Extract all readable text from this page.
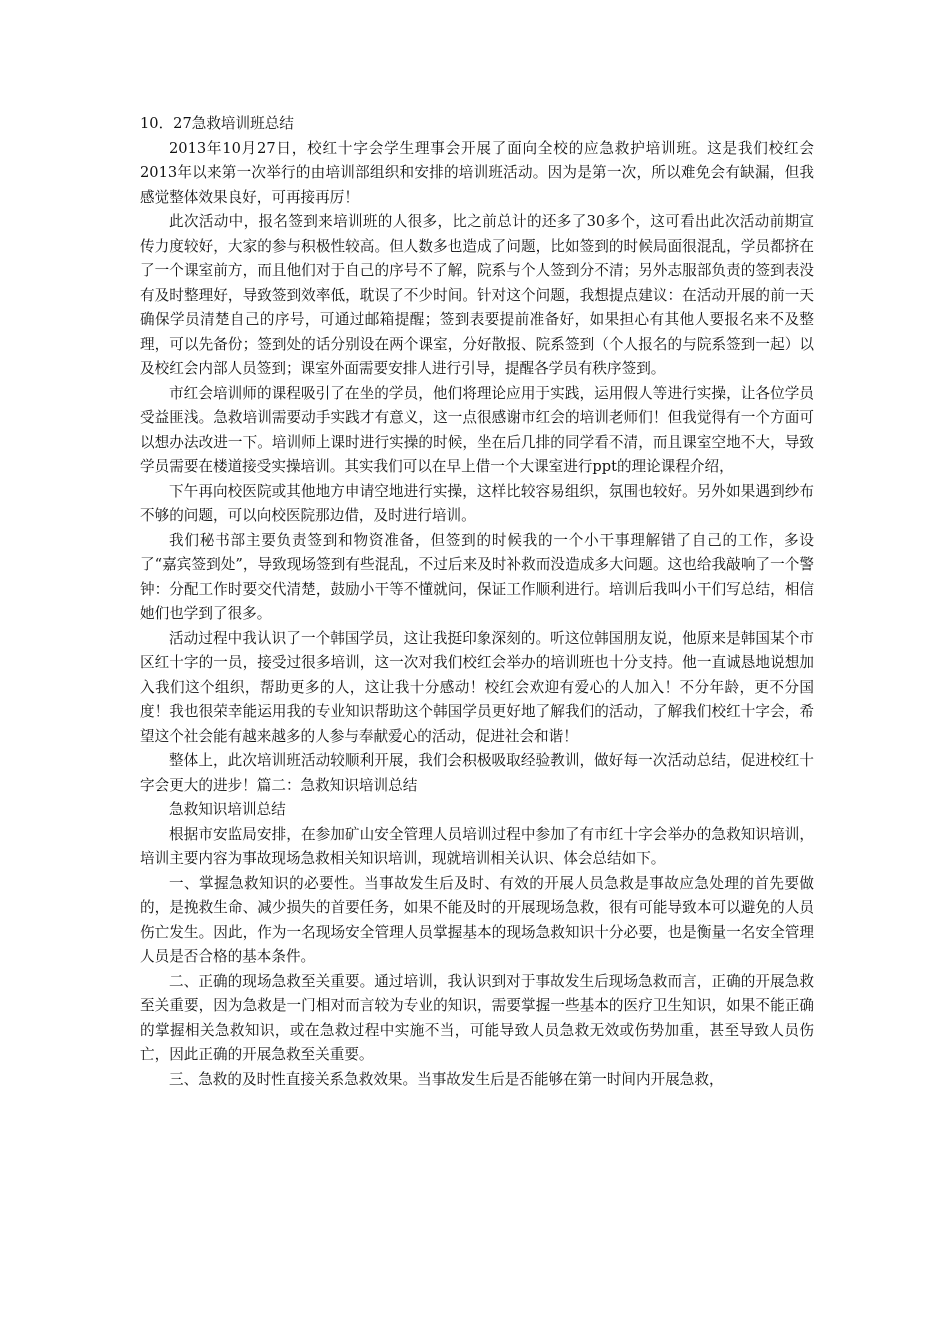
10．27急救培训班总结

2013年10月27日，校红十字会学生理事会开展了面向全校的应急救护培训班。这是我们校红会2013年以来第一次举行的由培训部组织和安排的培训班活动。因为是第一次，所以难免会有缺漏，但我感觉整体效果良好，可再接再厉！

此次活动中，报名签到来培训班的人很多，比之前总计的还多了30多个，这可看出此次活动前期宣传力度较好，大家的参与积极性较高。但人数多也造成了问题，比如签到的时候局面很混乱，学员都挤在了一个课室前方，而且他们对于自己的序号不了解，院系与个人签到分不清；另外志服部负责的签到表没有及时整理好，导致签到效率低，耽误了不少时间。针对这个问题，我想提点建议：在活动开展的前一天确保学员清楚自己的序号，可通过邮箱提醒；签到表要提前准备好，如果担心有其他人要报名来不及整理，可以先备份；签到处的话分别设在两个课室，分好散报、院系签到（个人报名的与院系签到一起）以及校红会内部人员签到；课室外面需要安排人进行引导，提醒各学员有秩序签到。

市红会培训师的课程吸引了在坐的学员，他们将理论应用于实践，运用假人等进行实操，让各位学员受益匪浅。急救培训需要动手实践才有意义，这一点很感谢市红会的培训老师们！但我觉得有一个方面可以想办法改进一下。培训师上课时进行实操的时候，坐在后几排的同学看不清，而且课室空地不大，导致学员需要在楼道接受实操培训。其实我们可以在早上借一个大课室进行ppt的理论课程介绍，

下午再向校医院或其他地方申请空地进行实操，这样比较容易组织，氛围也较好。另外如果遇到纱布不够的问题，可以向校医院那边借，及时进行培训。

我们秘书部主要负责签到和物资准备，但签到的时候我的一个小干事理解错了自己的工作，多设了“嘉宾签到处”，导致现场签到有些混乱，不过后来及时补救而没造成多大问题。这也给我敲响了一个警钟：分配工作时要交代清楚，鼓励小干等不懂就问，保证工作顺利进行。培训后我叫小干们写总结，相信她们也学到了很多。

活动过程中我认识了一个韩国学员，这让我挺印象深刻的。听这位韩国朋友说，他原来是韩国某个市区红十字的一员，接受过很多培训，这一次对我们校红会举办的培训班也十分支持。他一直诚恳地说想加入我们这个组织，帮助更多的人，这让我十分感动！校红会欢迎有爱心的人加入！不分年龄，更不分国度！我也很荣幸能运用我的专业知识帮助这个韩国学员更好地了解我们的活动，了解我们校红十字会，希望这个社会能有越来越多的人参与奉献爱心的活动，促进社会和谐！

整体上，此次培训班活动较顺利开展，我们会积极吸取经验教训，做好每一次活动总结，促进校红十字会更大的进步！篇二：急救知识培训总结

急救知识培训总结

根据市安监局安排，在参加矿山安全管理人员培训过程中参加了有市红十字会举办的急救知识培训，培训主要内容为事故现场急救相关知识培训，现就培训相关认识、体会总结如下。

一、掌握急救知识的必要性。当事故发生后及时、有效的开展人员急救是事故应急处理的首先要做的，是挽救生命、减少损失的首要任务，如果不能及时的开展现场急救，很有可能导致本可以避免的人员伤亡发生。因此，作为一名现场安全管理人员掌握基本的现场急救知识十分必要，也是衡量一名安全管理人员是否合格的基本条件。

二、正确的现场急救至关重要。通过培训，我认识到对于事故发生后现场急救而言，正确的开展急救至关重要，因为急救是一门相对而言较为专业的知识，需要掌握一些基本的医疗卫生知识，如果不能正确的掌握相关急救知识，或在急救过程中实施不当，可能导致人员急救无效或伤势加重，甚至导致人员伤亡，因此正确的开展急救至关重要。

三、急救的及时性直接关系急救效果。当事故发生后是否能够在第一时间内开展急救，
